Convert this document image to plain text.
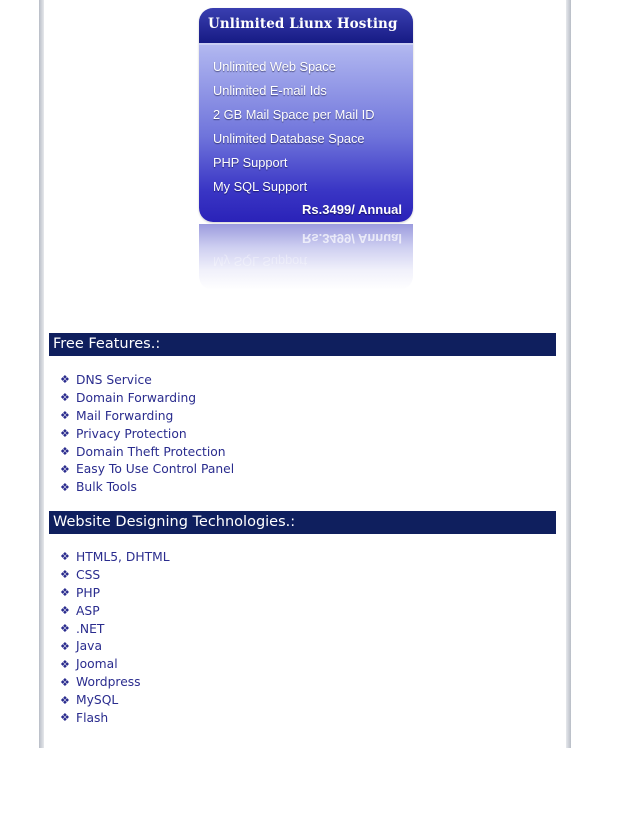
Unlimited Liunx Hosting
Unlimited Web Space
Unlimited E-mail Ids
2 GB Mail Space per Mail ID
Unlimited Database Space
PHP Support
My SQL Support
Rs.3499/ Annual
Rs.3499/ Annual
My SQL Support
Free Features.:
❖ DNS Service
❖ Domain Forwarding
❖ Mail Forwarding
❖ Privacy Protection
❖ Domain Theft Protection
❖ Easy To Use Control Panel
❖ Bulk Tools
Website Designing Technologies.:
❖ HTML5, DHTML
❖ CSS
❖ PHP
❖ ASP
❖ .NET
❖ Java
❖ Joomal
❖ Wordpress
❖ MySQL
❖ Flash
